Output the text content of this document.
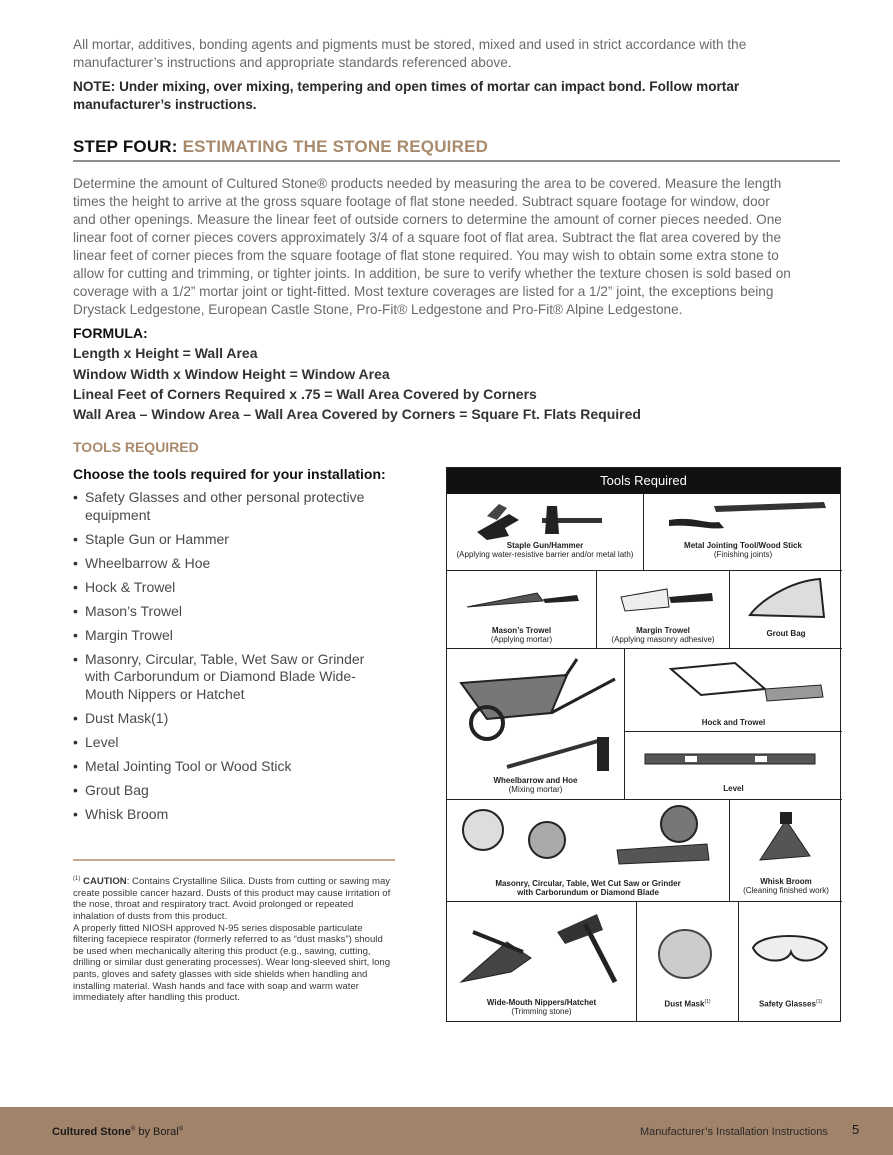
All mortar, additives, bonding agents and pigments must be stored, mixed and used in strict accordance with the
manufacturer’s instructions and appropriate standards referenced above.
NOTE: Under mixing, over mixing, tempering and open times of mortar can impact bond. Follow mortar
manufacturer’s instructions.
STEP FOUR: ESTIMATING THE STONE REQUIRED
Determine the amount of Cultured Stone® products needed by measuring the area to be covered. Measure the length
times the height to arrive at the gross square footage of flat stone needed. Subtract square footage for window, door
and other openings. Measure the linear feet of outside corners to determine the amount of corner pieces needed. One
linear foot of corner pieces covers approximately 3/4 of a square foot of flat area. Subtract the flat area covered by the
linear feet of corner pieces from the square footage of flat stone required. You may wish to obtain some extra stone to
allow for cutting and trimming, or tighter joints. In addition, be sure to verify whether the texture chosen is sold based on
coverage with a 1/2” mortar joint or tight-fitted. Most texture coverages are listed for a 1/2” joint, the exceptions being
Drystack Ledgestone, European Castle Stone, Pro-Fit® Ledgestone and Pro-Fit® Alpine Ledgestone.
FORMULA:
Length x Height = Wall Area
Window Width x Window Height = Window Area
Lineal Feet of Corners Required x .75 = Wall Area Covered by Corners
Wall Area – Window Area – Wall Area Covered by Corners = Square Ft. Flats Required
TOOLS REQUIRED
Choose the tools required for your installation:
• Safety Glasses and other personal protective equipment
• Staple Gun or Hammer
• Wheelbarrow & Hoe
• Hock & Trowel
• Mason’s Trowel
• Margin Trowel
• Masonry, Circular, Table, Wet Saw or Grinder with Carborundum or Diamond Blade Wide-Mouth Nippers or Hatchet
• Dust Mask(1)
• Level
• Metal Jointing Tool or Wood Stick
• Grout Bag
• Whisk Broom
$^{(1)}$ CAUTION: Contains Crystalline Silica. Dusts from cutting or sawing may create possible cancer hazard. Dusts of this product may cause irritation of the nose, throat and respiratory tract. Avoid prolonged or repeated inhalation of dusts from this product.
A properly fitted NIOSH approved N-95 series disposable particulate filtering facepiece respirator (formerly referred to as “dust masks”) should be used when mechanically altering this product (e.g., sawing, cutting, drilling or similar dust generating processes). Wear long-sleeved shirt, long pants, gloves and safety glasses with side shields when handling and installing material. Wash hands and face with soap and warm water immediately after handling this product.
Tools Required
Staple Gun/Hammer
(Applying water-resistive barrier and/or metal lath)
Metal Jointing Tool/Wood Stick
(Finishing joints)
Mason’s Trowel
(Applying mortar)
Margin Trowel
(Applying masonry adhesive)
Grout Bag
Wheelbarrow and Hoe
(Mixing mortar)
Hock and Trowel
Level
Masonry, Circular, Table, Wet Cut Saw or Grinder
with Carborundum or Diamond Blade
Whisk Broom
(Cleaning finished work)
Wide-Mouth Nippers/Hatchet
(Trimming stone)
Dust Mask$^{(1)}$	Safety Glasses$^{(1)}$
Cultured Stone® by Boral®	Manufacturer’s Installation Instructions 5
